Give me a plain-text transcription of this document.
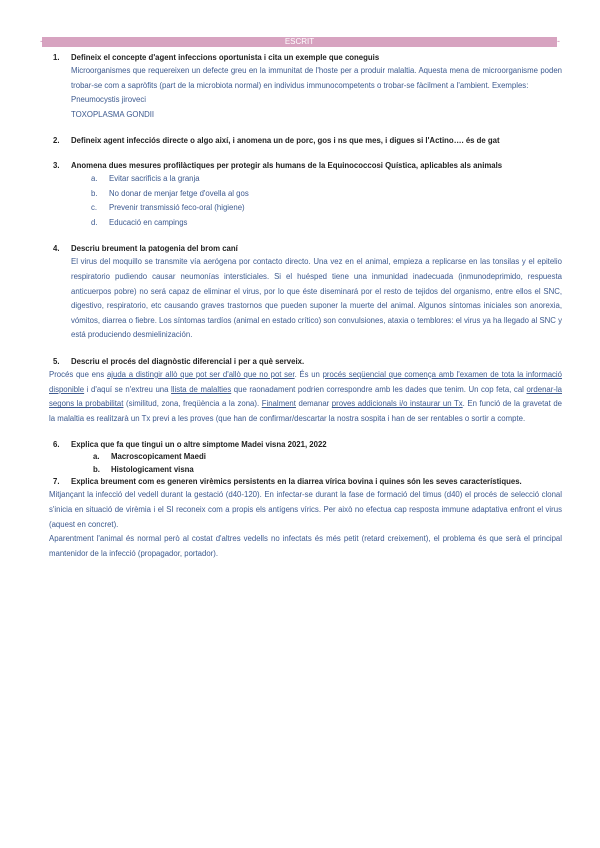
-	ESCRIT	-
1.	Defineix el concepte d'agent infeccions oportunista i cita un exemple que coneguis

Microorganismes que requereixen un defecte greu en la immunitat de l'hoste per a produir malaltia. Aquesta mena de microorganisme poden trobar-se com a sapròfits (part de la microbiota normal) en individus immunocompetents o trobar-se fàcilment a l'ambient. Exemples:

Pneumocystis jiroveci

TOXOPLASMA GONDII

2.	Defineix agent infecciós directe o algo així, i anomena un de porc, gos i ns que mes, i digues si l'Actino…. és de gat
3.	Anomena dues mesures profilàctiques per protegir als humans de la Equinococcosi Quística, aplicables als animals
a.	Evitar sacrificis a la granja
b.	No donar de menjar fetge d'ovella al gos
c.	Prevenir transmissió feco-oral (higiene)
d.	Educació en campings
4.	Descriu breument la patogenia del brom caní

El virus del moquillo se transmite vía aerógena por contacto directo. Una vez en el animal, empieza a replicarse en las tonsilas y el epitelio respiratorio pudiendo causar neumonías intersticiales. Si el huésped tiene una inmunidad inadecuada (inmunodeprimido, respuesta anticuerpos pobre) no será capaz de eliminar el virus, por lo que éste diseminará por el resto de tejidos del organismo, entre ellos el SNC, digestivo, respiratorio, etc causando graves trastornos que pueden suponer la muerte del animal. Algunos síntomas iniciales son anorexia, vómitos, diarrea o fiebre. Los síntomas tardíos (animal en estado crítico) son convulsiones, ataxia o temblores: el virus ya ha llegado al SNC y está produciendo desmielinización.

5.	Descriu el procés del diagnòstic diferencial i per a què serveix.

Procés que ens ajuda a distingir allò que pot ser d'allò que no pot ser. És un procés seqüencial que comença amb l'examen de tota la informació disponible i d'aquí se n'extreu una llista de malalties que raonadament podrien correspondre amb les dades que tenim. Un cop feta, cal ordenar-la segons la probabilitat (similitud, zona, freqüència a la zona). Finalment demanar proves addicionals i/o instaurar un Tx. En funció de la gravetat de la malaltia es realitzarà un Tx previ a les proves (que han de confirmar/descartar la nostra sospita i han de ser rentables o sortir a compte.

6.	Explica que fa que tingui un o altre simptome Madei visna 2021, 2022
a.	Macroscopicament Maedi
b.	Histologicament visna
7.	Explica breument com es generen virèmics persistents en la diarrea vírica bovina i quines són les seves característiques.

Mitjançant la infecció del vedell durant la gestació (d40-120). En infectar-se durant la fase de formació del timus (d40) el procés de selecció clonal s'inicia en situació de virèmia i el SI reconeix com a propis els antígens vírics. Per això no efectua cap resposta immune adaptativa enfront el virus (aquest en concret).

Aparentment l'animal és normal però al costat d'altres vedells no infectats és més petit (retard creixement), el problema és que serà el principal mantenidor de la infecció (propagador, portador).
